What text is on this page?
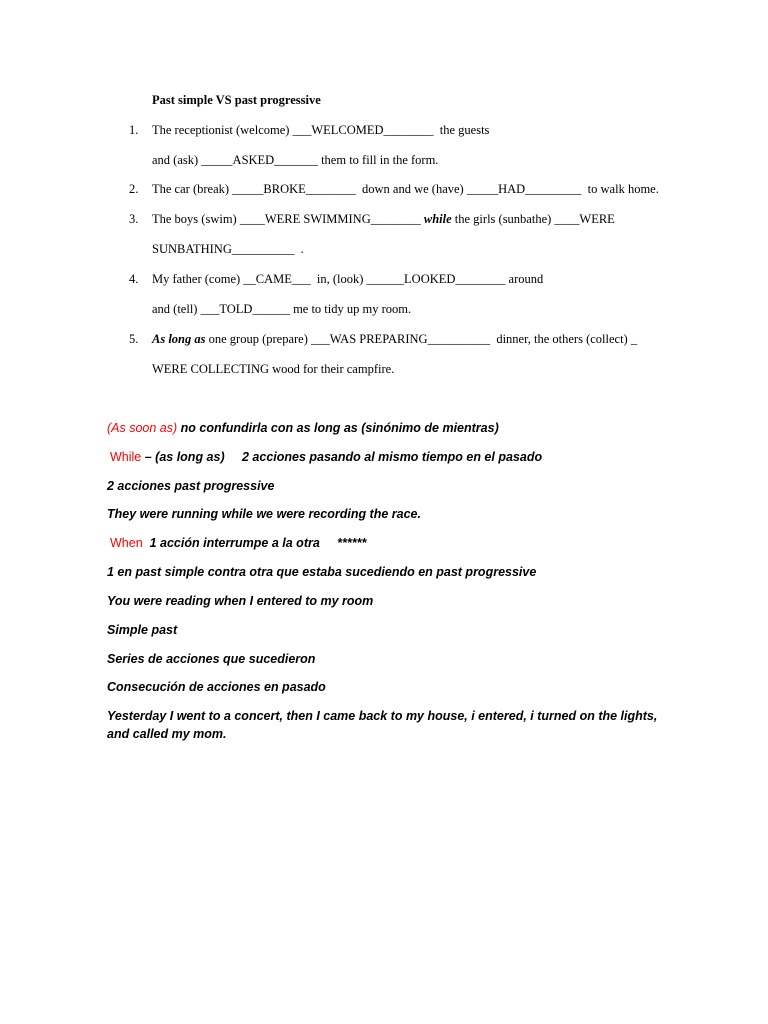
Past simple VS past progressive
1. The receptionist (welcome) ___WELCOMED________  the guests
and (ask) _____ASKED_______ them to fill in the form.
2. The car (break) _____BROKE________  down and we (have) _____HAD_________  to walk home.
3. The boys (swim) ____WERE SWIMMING________ while the girls (sunbathe) ____WERE
SUNBATHING__________  .
4. My father (come) __CAME___  in, (look) ______LOOKED________ around
and (tell) ___TOLD______ me to tidy up my room.
5. As long as one group (prepare) ___WAS PREPARING__________  dinner, the others (collect) _
WERE COLLECTING wood for their campfire.
(As soon as) no confundirla con as long as (sinónimo de mientras)
While – (as long as)     2 acciones pasando al mismo tiempo en el pasado
2 acciones past progressive
They were running while we were recording the race.
When  1 acción interrumpe a la otra     ******
1 en past simple contra otra que estaba sucediendo en past progressive
You were reading when I entered to my room
Simple past
Series de acciones que sucedieron
Consecución de acciones en pasado
Yesterday I went to a concert, then I came back to my house, i entered, i turned on the lights,
and called my mom.
